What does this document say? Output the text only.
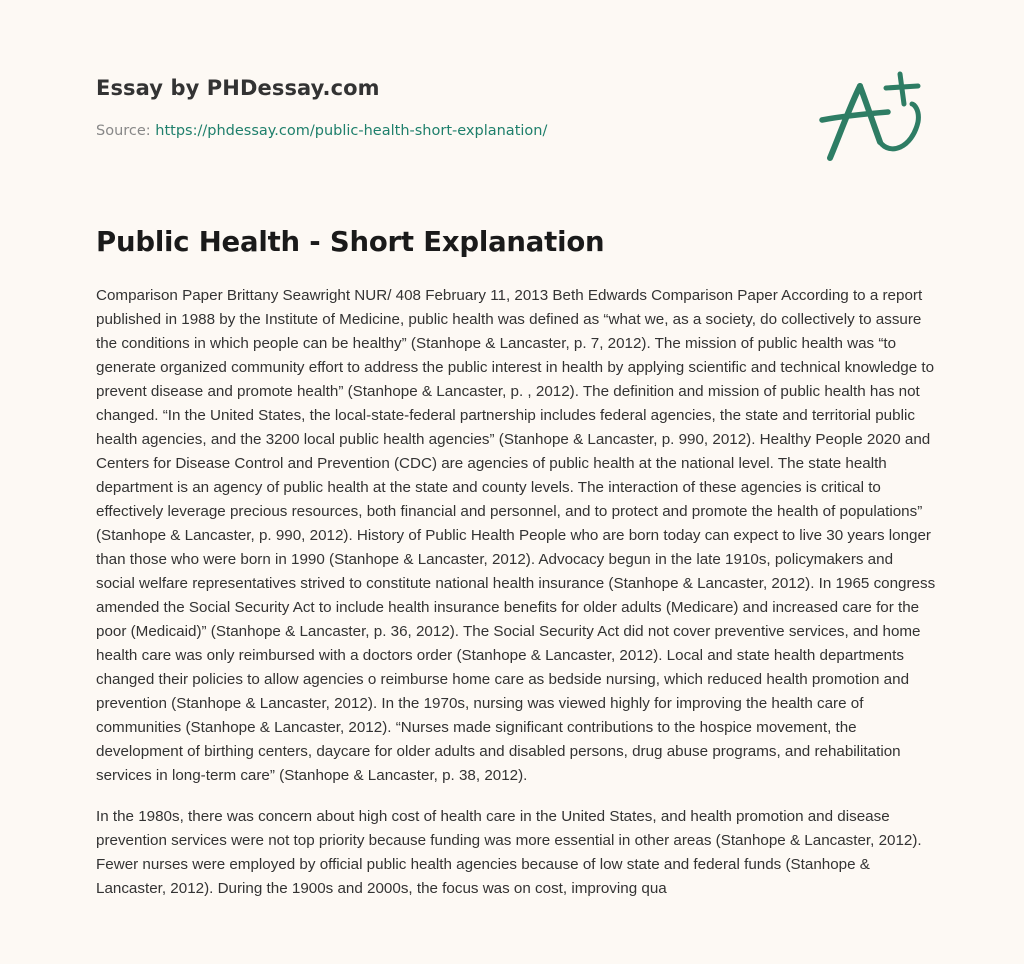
Essay by PHDessay.com
Source: https://phdessay.com/public-health-short-explanation/
Public Health - Short Explanation

Comparison Paper Brittany Seawright NUR/ 408 February 11, 2013 Beth Edwards Comparison Paper According to a report published in 1988 by the Institute of Medicine, public health was defined as “what we, as a society, do collectively to assure the conditions in which people can be healthy” (Stanhope & Lancaster, p. 7, 2012). The mission of public health was “to generate organized community effort to address the public interest in health by applying scientific and technical knowledge to prevent disease and promote health” (Stanhope & Lancaster, p. , 2012). The definition and mission of public health has not changed. “In the United States, the local-state-federal partnership includes federal agencies, the state and territorial public health agencies, and the 3200 local public health agencies” (Stanhope & Lancaster, p. 990, 2012). Healthy People 2020 and Centers for Disease Control and Prevention (CDC) are agencies of public health at the national level. The state health department is an agency of public health at the state and county levels. The interaction of these agencies is critical to effectively leverage precious resources, both financial and personnel, and to protect and promote the health of populations” (Stanhope & Lancaster, p. 990, 2012). History of Public Health People who are born today can expect to live 30 years longer than those who were born in 1990 (Stanhope & Lancaster, 2012). Advocacy begun in the late 1910s, policymakers and social welfare representatives strived to constitute national health insurance (Stanhope & Lancaster, 2012). In 1965 congress amended the Social Security Act to include health insurance benefits for older adults (Medicare) and increased care for the poor (Medicaid)” (Stanhope & Lancaster, p. 36, 2012). The Social Security Act did not cover preventive services, and home health care was only reimbursed with a doctors order (Stanhope & Lancaster, 2012). Local and state health departments changed their policies to allow agencies o reimburse home care as bedside nursing, which reduced health promotion and prevention (Stanhope & Lancaster, 2012). In the 1970s, nursing was viewed highly for improving the health care of communities (Stanhope & Lancaster, 2012). “Nurses made significant contributions to the hospice movement, the development of birthing centers, daycare for older adults and disabled persons, drug abuse programs, and rehabilitation services in long-term care” (Stanhope & Lancaster, p. 38, 2012).

In the 1980s, there was concern about high cost of health care in the United States, and health promotion and disease prevention services were not top priority because funding was more essential in other areas (Stanhope & Lancaster, 2012). Fewer nurses were employed by official public health agencies because of low state and federal funds (Stanhope & Lancaster, 2012). During the 1900s and 2000s, the focus was on cost, improving qua
